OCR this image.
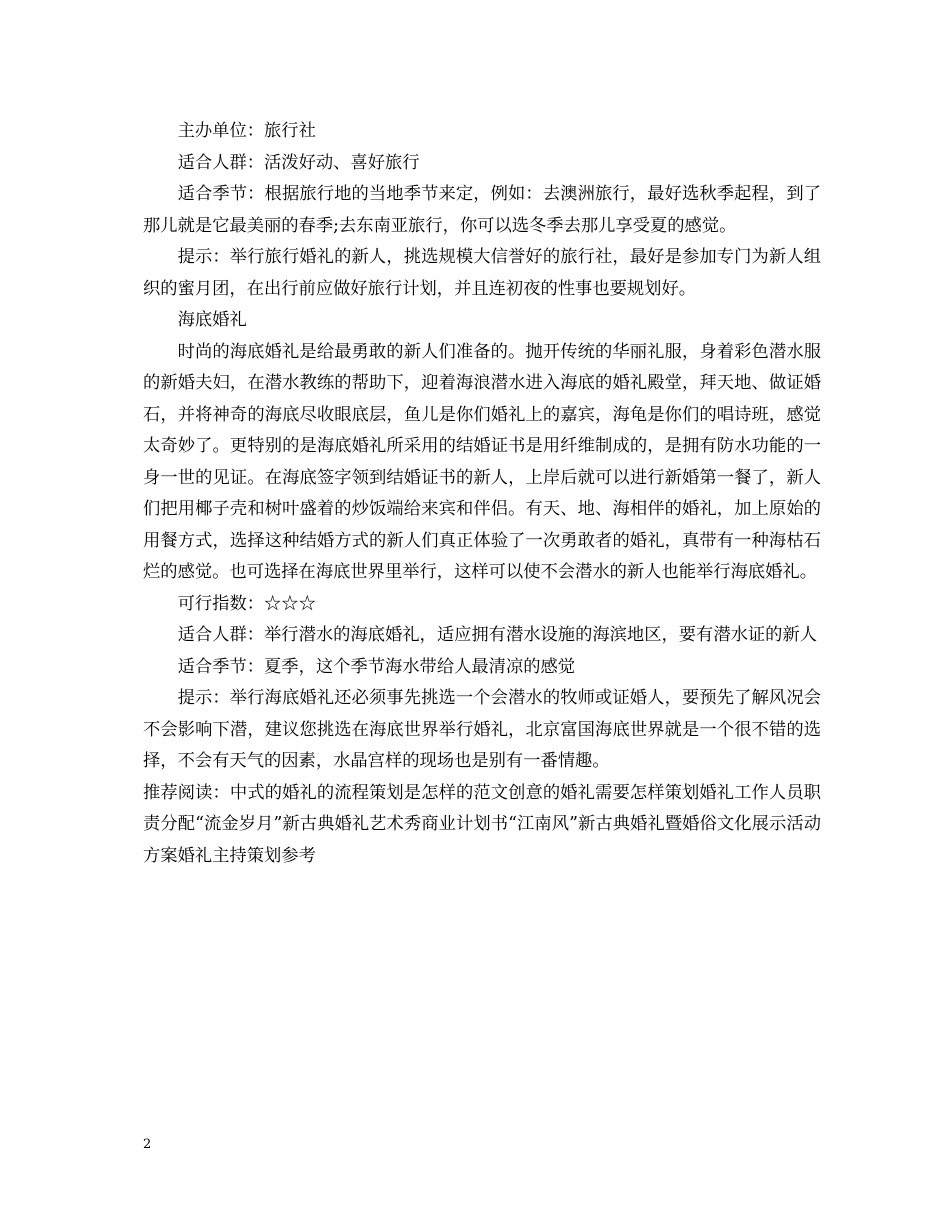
主办单位：旅行社

适合人群：活泼好动、喜好旅行

适合季节：根据旅行地的当地季节来定，例如：去澳洲旅行，最好选秋季起程，到了那儿就是它最美丽的春季;去东南亚旅行，你可以选冬季去那儿享受夏的感觉。

提示：举行旅行婚礼的新人，挑选规模大信誉好的旅行社，最好是参加专门为新人组织的蜜月团，在出行前应做好旅行计划，并且连初夜的性事也要规划好。

海底婚礼

时尚的海底婚礼是给最勇敢的新人们准备的。抛开传统的华丽礼服，身着彩色潜水服的新婚夫妇，在潜水教练的帮助下，迎着海浪潜水进入海底的婚礼殿堂，拜天地、做证婚石，并将神奇的海底尽收眼底层，鱼儿是你们婚礼上的嘉宾，海龟是你们的唱诗班，感觉太奇妙了。更特别的是海底婚礼所采用的结婚证书是用纤维制成的，是拥有防水功能的一身一世的见证。在海底签字领到结婚证书的新人，上岸后就可以进行新婚第一餐了，新人们把用椰子壳和树叶盛着的炒饭端给来宾和伴侣。有天、地、海相伴的婚礼，加上原始的用餐方式，选择这种结婚方式的新人们真正体验了一次勇敢者的婚礼，真带有一种海枯石烂的感觉。也可选择在海底世界里举行，这样可以使不会潜水的新人也能举行海底婚礼。

可行指数：☆☆☆

适合人群：举行潜水的海底婚礼，适应拥有潜水设施的海滨地区，要有潜水证的新人

适合季节：夏季，这个季节海水带给人最清凉的感觉

提示：举行海底婚礼还必须事先挑选一个会潜水的牧师或证婚人，要预先了解风况会不会影响下潜，建议您挑选在海底世界举行婚礼，北京富国海底世界就是一个很不错的选择，不会有天气的因素，水晶宫样的现场也是别有一番情趣。

推荐阅读：中式的婚礼的流程策划是怎样的范文创意的婚礼需要怎样策划婚礼工作人员职责分配“流金岁月”新古典婚礼艺术秀商业计划书“江南风”新古典婚礼暨婚俗文化展示活动方案婚礼主持策划参考

2
